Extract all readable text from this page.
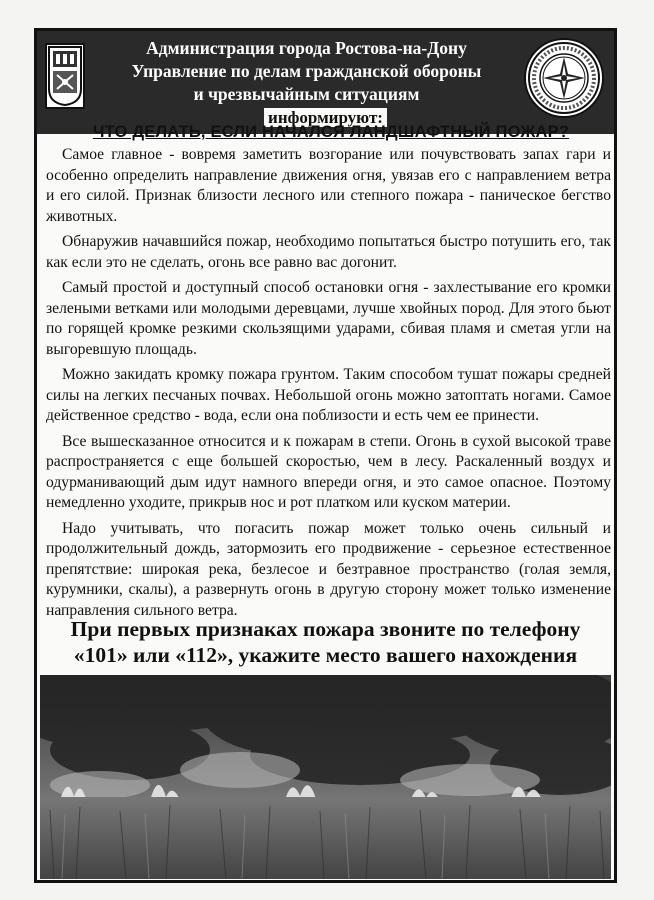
Администрация города Ростова-на-Дону
Управление по делам гражданской обороны
и чрезвычайным ситуациям
информируют:
ЧТО ДЕЛАТЬ, ЕСЛИ НАЧАЛСЯ ЛАНДШАФТНЫЙ ПОЖАР?

Самое главное - вовремя заметить возгорание или почувствовать запах гари и особенно определить направление движения огня, увязав его с направлением ветра и его силой. Признак близости лесного или степного пожара - паническое бегство животных.

Обнаружив начавшийся пожар, необходимо попытаться быстро потушить его, так как если это не сделать, огонь все равно вас догонит.

Самый простой и доступный способ остановки огня - захлестывание его кромки зелеными ветками или молодыми деревцами, лучше хвойных пород. Для этого бьют по горящей кромке резкими скользящими ударами, сбивая пламя и сметая угли на выгоревшую площадь.

Можно закидать кромку пожара грунтом. Таким способом тушат пожары средней силы на легких песчаных почвах. Небольшой огонь можно затоптать ногами. Самое действенное средство - вода, если она поблизости и есть чем ее принести.

Все вышесказанное относится и к пожарам в степи. Огонь в сухой высокой траве распространяется с еще большей скоростью, чем в лесу. Раскаленный воздух и одурманивающий дым идут намного впереди огня, и это самое опасное. Поэтому немедленно уходите, прикрыв нос и рот платком или куском материи.

Надо учитывать, что погасить пожар может только очень сильный и продолжительный дождь, затормозить его продвижение - серьезное естественное препятствие: широкая река, безлесое и безтравное пространство (голая земля, курумники, скалы), а развернуть огонь в другую сторону может только изменение направления сильного ветра.

При первых признаках пожара звоните по телефону
«101» или «112», укажите место вашего нахождения
